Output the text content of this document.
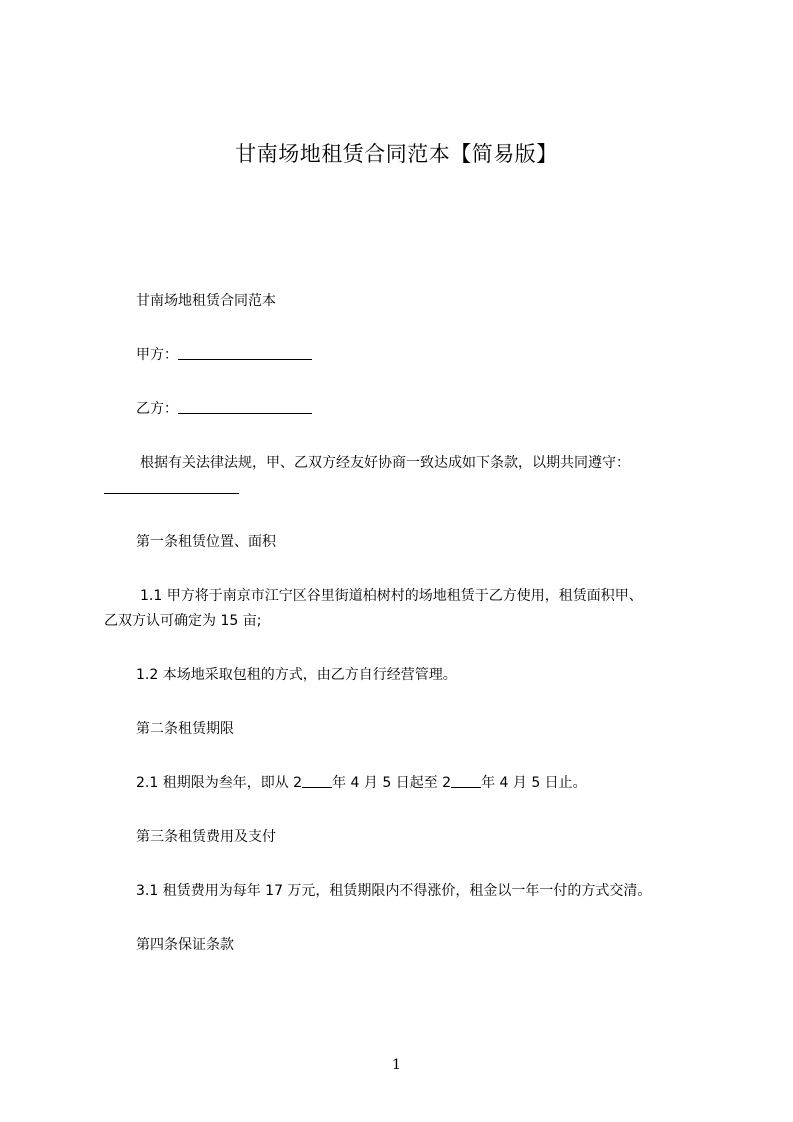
甘南场地租赁合同范本【简易版】
甘南场地租赁合同范本
甲方：
乙方：
根据有关法律法规，甲、乙双方经友好协商一致达成如下条款，以期共同遵守：
第一条租赁位置、面积
1.1 甲方将于南京市江宁区谷里街道柏树村的场地租赁于乙方使用，租赁面积甲、
乙双方认可确定为 15 亩;
1.2 本场地采取包租的方式，由乙方自行经营管理。
第二条租赁期限
2.1 租期限为叁年，即从 2 年 4 月 5 日起至 2 年 4 月 5 日止。
第三条租赁费用及支付
3.1 租赁费用为每年 17 万元，租赁期限内不得涨价，租金以一年一付的方式交清。
第四条保证条款
1
